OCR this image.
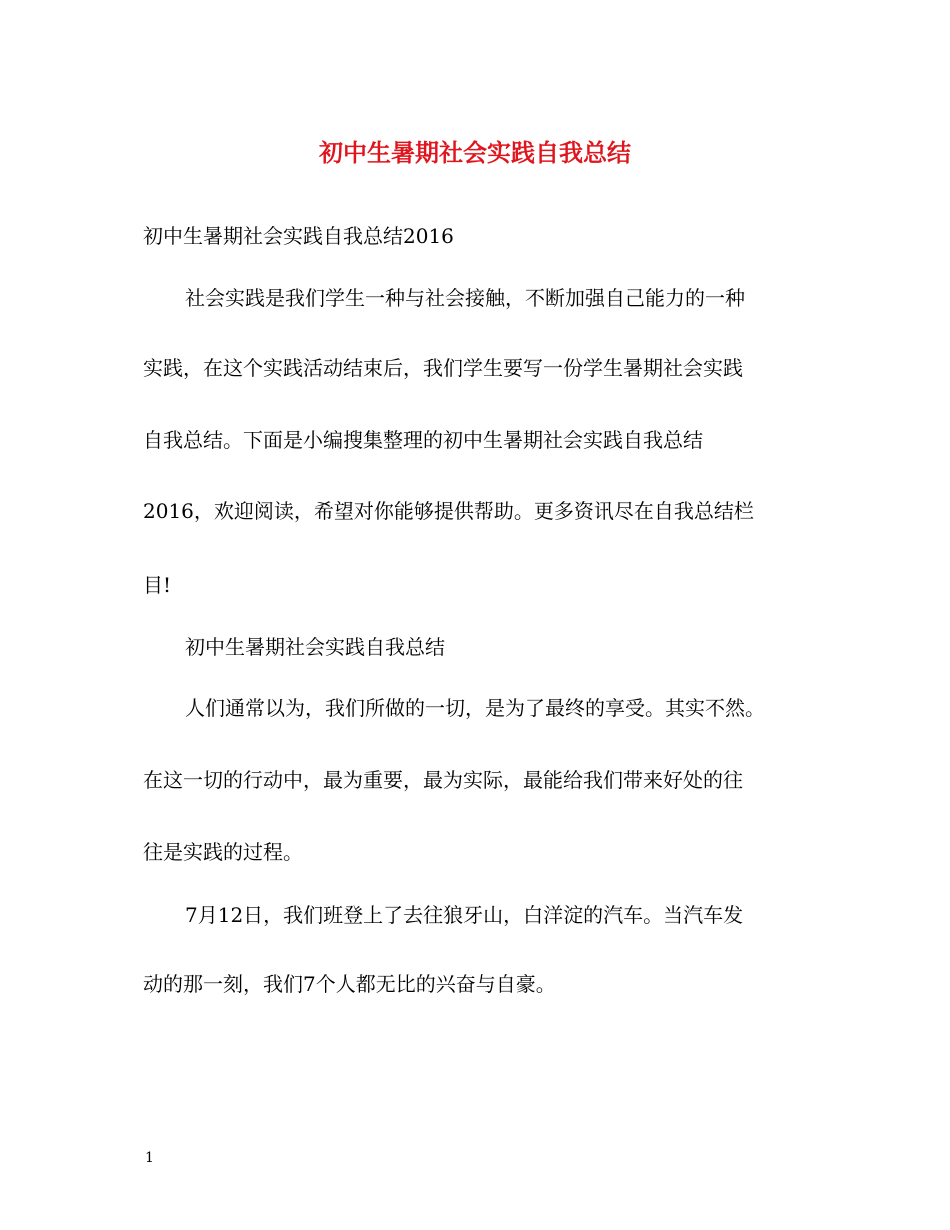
初中生暑期社会实践自我总结
初中生暑期社会实践自我总结2016
社会实践是我们学生一种与社会接触，不断加强自己能力的一种
实践，在这个实践活动结束后，我们学生要写一份学生暑期社会实践
自我总结。下面是小编搜集整理的初中生暑期社会实践自我总结
2016，欢迎阅读，希望对你能够提供帮助。更多资讯尽在自我总结栏
目!
初中生暑期社会实践自我总结
人们通常以为，我们所做的一切，是为了最终的享受。其实不然。
在这一切的行动中，最为重要，最为实际，最能给我们带来好处的往
往是实践的过程。
7月12日，我们班登上了去往狼牙山，白洋淀的汽车。当汽车发
动的那一刻，我们7个人都无比的兴奋与自豪。
1
